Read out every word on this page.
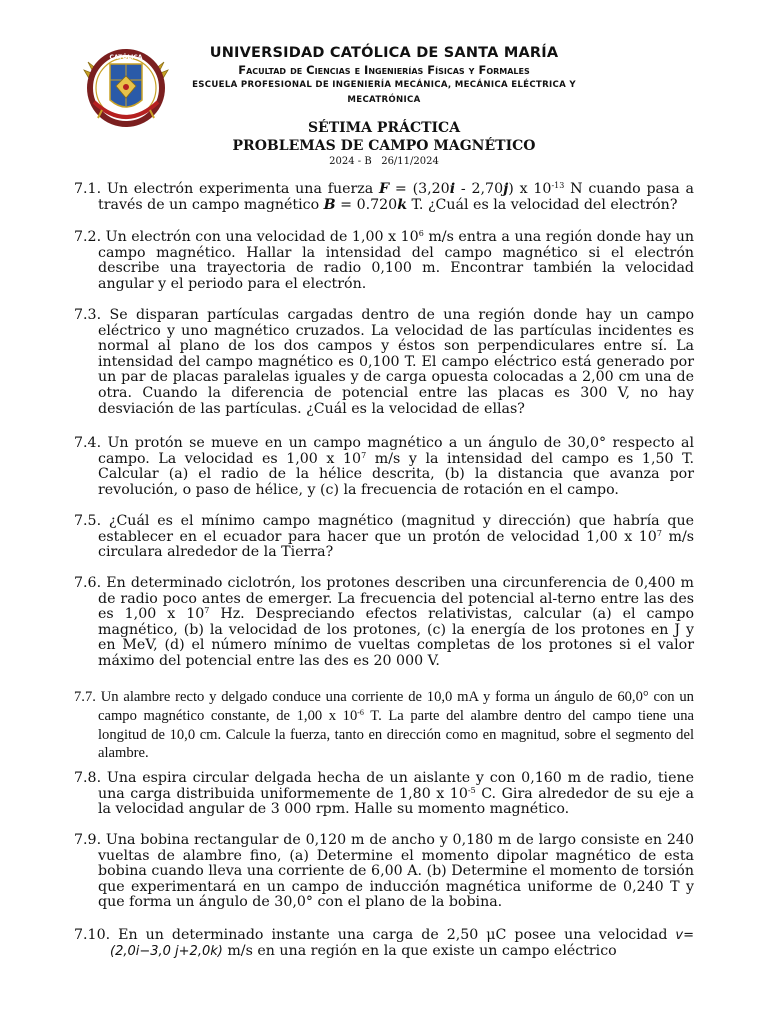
CATÓLICA	UNIVERSIDAD CATÓLICA DE SANTA MARÍA
Facultad de Ciencias e Ingenierías Físicas y Formales
ESCUELA PROFESIONAL DE INGENIERÍA MECÁNICA, MECÁNICA ELÉCTRICA Y
MECATRÓNICA
SÉTIMA PRÁCTICA
PROBLEMAS DE CAMPO MAGNÉTICO
2024 - B   26/11/2024
7.1. Un electrón experimenta una fuerza F = (3,20i - 2,70j) x $10^{-13}$ N cuando pasa a través de un campo magnético B = 0.720k T. ¿Cuál es la velocidad del electrón?
7.2. Un electrón con una velocidad de 1,00 x $10^6$ m/s entra a una región donde hay un campo magnético. Hallar la intensidad del campo magnético si el electrón describe una trayectoria de radio 0,100 m. Encontrar también la velocidad angular y el periodo para el electrón.
7.3. Se disparan partículas cargadas dentro de una región donde hay un campo eléctrico y uno magnético cruzados. La velocidad de las partículas incidentes es normal al plano de los dos campos y éstos son perpendiculares entre sí. La intensidad del campo magnético es 0,100 T. El campo eléctrico está generado por un par de placas paralelas iguales y de carga opuesta colocadas a 2,00 cm una de otra. Cuando la diferencia de potencial entre las placas es 300 V, no hay desviación de las partículas. ¿Cuál es la velocidad de ellas?
7.4. Un protón se mueve en un campo magnético a un ángulo de 30,0° respecto al campo. La velocidad es 1,00 x $10^7$ m/s y la intensidad del campo es 1,50 T. Calcular (a) el radio de la hélice descrita, (b) la distancia que avanza por revolución, o paso de hélice, y (c) la frecuencia de rotación en el campo.
7.5. ¿Cuál es el mínimo campo magnético (magnitud y dirección) que habría que establecer en el ecuador para hacer que un protón de velocidad 1,00 x $10^7$ m/s circulara alrededor de la Tierra?
7.6. En determinado ciclotrón, los protones describen una circunferencia de 0,400 m de radio poco antes de emerger. La frecuencia del potencial al-terno entre las des es 1,00 x $10^7$ Hz. Despreciando efectos relativistas, calcular (a) el campo magnético, (b) la velocidad de los protones, (c) la energía de los protones en J y en MeV, (d) el número mínimo de vueltas completas de los protones si el valor máximo del potencial entre las des es 20 000 V.
7.7. Un alambre recto y delgado conduce una corriente de 10,0 mA y forma un ángulo de 60,0° con un campo magnético constante, de 1,00 x $10^{-6}$ T. La parte del alambre dentro del campo tiene una longitud de 10,0 cm. Calcule la fuerza, tanto en dirección como en magnitud, sobre el segmento del alambre.
7.8. Una espira circular delgada hecha de un aislante y con 0,160 m de radio, tiene una carga distribuida uniformemente de 1,80 x $10^{-5}$ C. Gira alrededor de su eje a la velocidad angular de 3 000 rpm. Halle su momento magnético.
7.9. Una bobina rectangular de 0,120 m de ancho y 0,180 m de largo consiste en 240 vueltas de alambre fino, (a) Determine el momento dipolar magnético de esta bobina cuando lleva una corriente de 6,00 A. (b) Determine el momento de torsión que experimentará en un campo de inducción magnética uniforme de 0,240 T y que forma un ángulo de 30,0° con el plano de la bobina.
7.10. En un determinado instante una carga de 2,50 μC posee una velocidad v=(2,0i−3,0 j+2,0k) m/s en una región en la que existe un campo eléctrico
